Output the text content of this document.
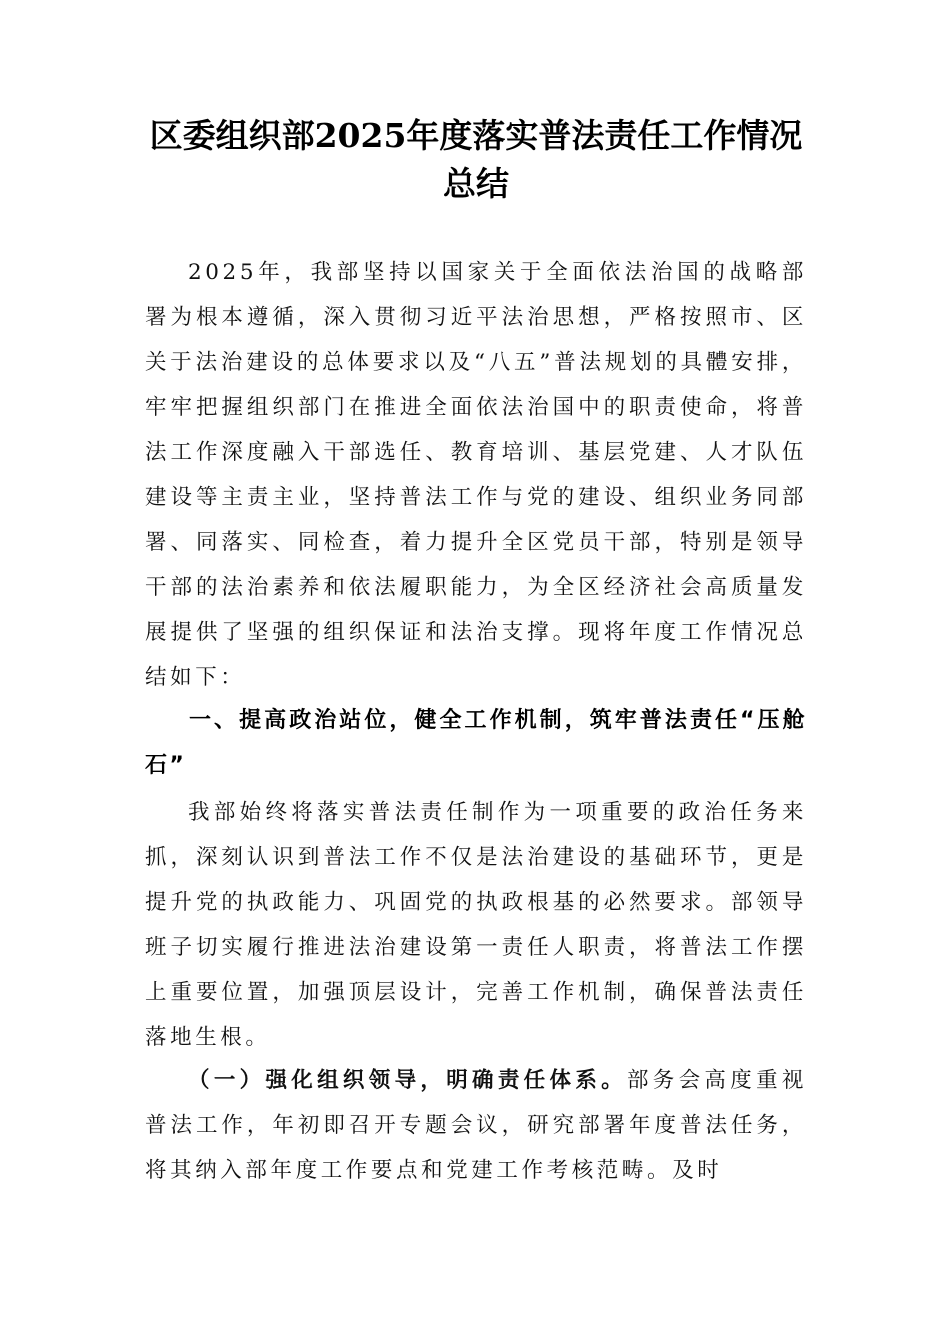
区委组织部2025年度落实普法责任工作情况总结

2025年，我部坚持以国家关于全面依法治国的战略部署为根本遵循，深入贯彻习近平法治思想，严格按照市、区关于法治建设的总体要求以及“八五”普法规划的具體安排，牢牢把握组织部门在推进全面依法治国中的职责使命，将普法工作深度融入干部选任、教育培训、基层党建、人才队伍建设等主责主业，坚持普法工作与党的建设、组织业务同部署、同落实、同检查，着力提升全区党员干部，特别是领导干部的法治素养和依法履职能力，为全区经济社会高质量发展提供了坚强的组织保证和法治支撑。现将年度工作情况总结如下：

一、提高政治站位，健全工作机制，筑牢普法责任“压舱石”

我部始终将落实普法责任制作为一项重要的政治任务来抓，深刻认识到普法工作不仅是法治建设的基础环节，更是提升党的执政能力、巩固党的执政根基的必然要求。部领导班子切实履行推进法治建设第一责任人职责，将普法工作摆上重要位置，加强顶层设计，完善工作机制，确保普法责任落地生根。

（一）强化组织领导，明确责任体系。部务会高度重视普法工作，年初即召开专题会议，研究部署年度普法任务，将其纳入部年度工作要点和党建工作考核范畴。及时
